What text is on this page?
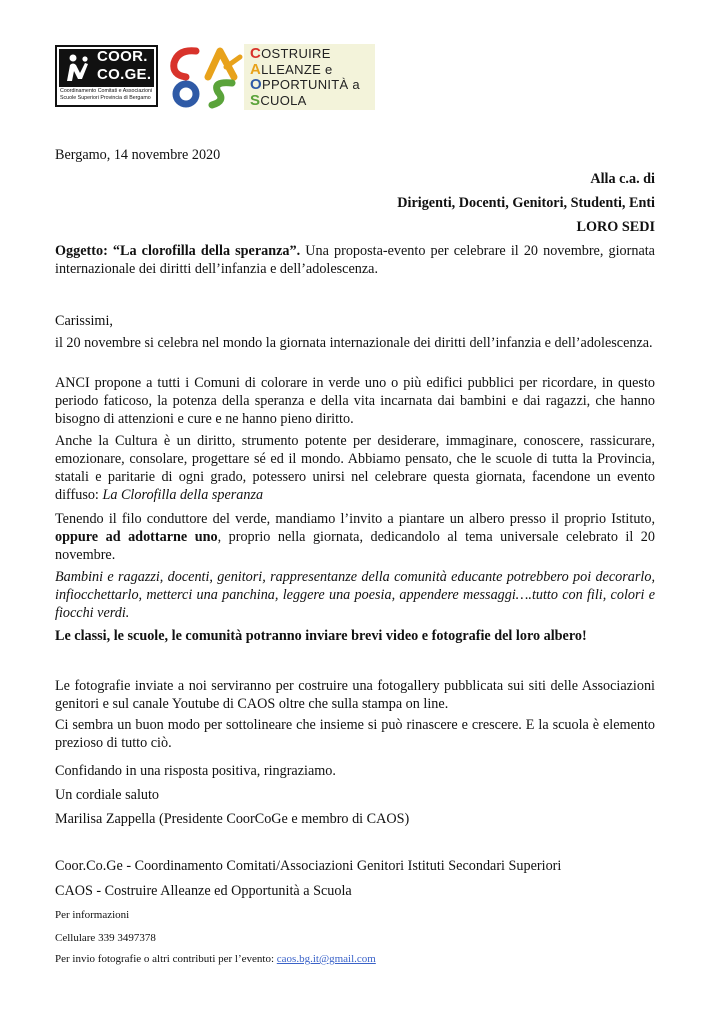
COOR.
CO.GE.
Coordinamento Comitati e Associazioni
Scuole Superiori Provincia di Bergamo
COSTRUIRE
ALLEANZE e
OPPORTUNITÀ a
SCUOLA
Bergamo, 14 novembre 2020
Alla c.a. di
Dirigenti, Docenti, Genitori, Studenti, Enti
LORO SEDI
Oggetto: “La clorofilla della speranza”. Una proposta-evento per celebrare il 20 novembre, giornata internazionale dei diritti dell’infanzia e dell’adolescenza.
Carissimi,
il 20 novembre si celebra nel mondo la giornata internazionale dei diritti dell’infanzia e dell’adolescenza.
ANCI propone a tutti i Comuni di colorare in verde uno o più edifici pubblici per ricordare, in questo periodo faticoso, la potenza della speranza e della vita incarnata dai bambini e dai ragazzi, che hanno bisogno di attenzioni e cure e ne hanno pieno diritto.
Anche la Cultura è un diritto, strumento potente per desiderare, immaginare, conoscere, rassicurare, emozionare, consolare, progettare sé ed il mondo. Abbiamo pensato, che le scuole di tutta la Provincia, statali e paritarie di ogni grado, potessero unirsi nel celebrare questa giornata, facendone un evento diffuso: La Clorofilla della speranza
Tenendo il filo conduttore del verde, mandiamo l’invito a piantare un albero presso il proprio Istituto, oppure ad adottarne uno, proprio nella giornata, dedicandolo al tema universale celebrato il 20 novembre.
Bambini e ragazzi, docenti, genitori, rappresentanze della comunità educante potrebbero poi decorarlo, infiocchettarlo, metterci una panchina, leggere una poesia, appendere messaggi….tutto con fili, colori e fiocchi verdi.
Le classi, le scuole, le comunità potranno inviare brevi video e fotografie del loro albero!
Le fotografie inviate a noi serviranno per costruire una fotogallery pubblicata sui siti delle Associazioni genitori e sul canale Youtube di CAOS oltre che sulla stampa on line.
Ci sembra un buon modo per sottolineare che insieme si può rinascere e crescere. E la scuola è elemento prezioso di tutto ciò.
Confidando in una risposta positiva, ringraziamo.
Un cordiale saluto
Marilisa Zappella (Presidente CoorCoGe e membro di CAOS)
Coor.Co.Ge - Coordinamento Comitati/Associazioni Genitori Istituti Secondari Superiori
CAOS - Costruire Alleanze ed Opportunità a Scuola
Per informazioni
Cellulare 339 3497378
Per invio fotografie o altri contributi per l’evento: caos.bg.it@gmail.com
